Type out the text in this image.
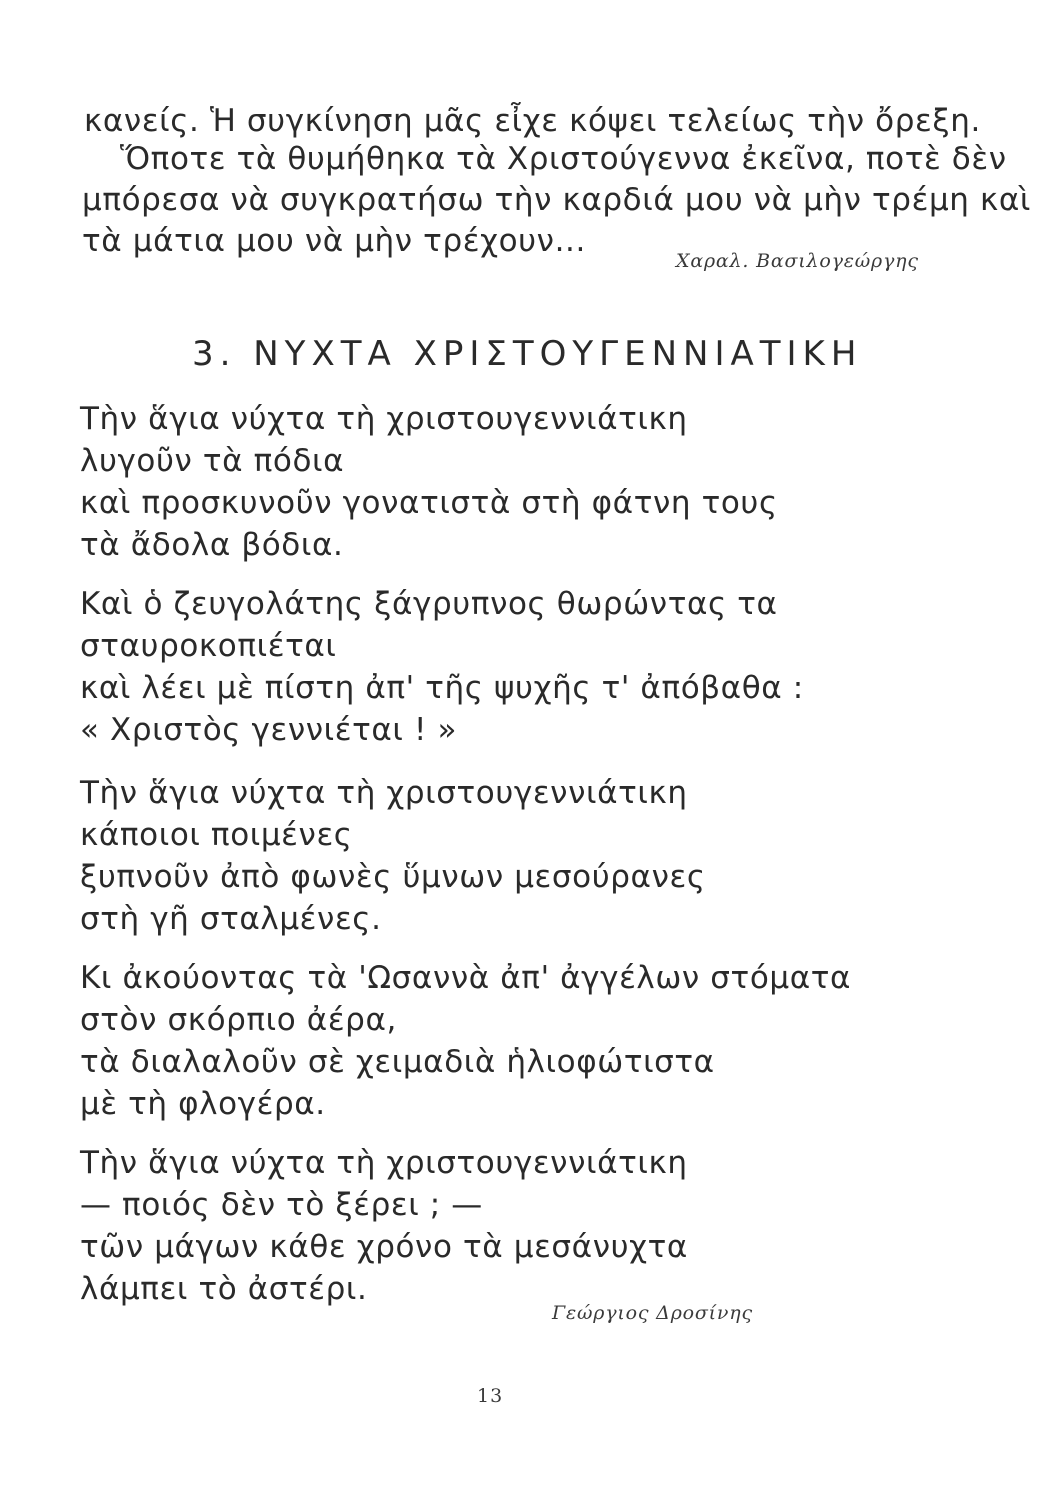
κανείς. Ἡ συγκίνηση μᾶς εἶχε κόψει τελείως τὴν ὄρεξη.
Ὅποτε τὰ θυμήθηκα τὰ Χριστούγεννα ἐκεῖνα, ποτὲ δὲν
μπόρεσα νὰ συγκρατήσω τὴν καρδιά μου νὰ μὴν τρέμη καὶ
τὰ μάτια μου νὰ μὴν τρέχουν...
Χαραλ. Βασιλογεώργης
3. ΝΥΧΤΑ ΧΡΙΣΤΟΥΓΕΝΝΙΑΤΙΚΗ
Τὴν ἅγια νύχτα τὴ χριστουγεννιάτικη
λυγοῦν τὰ πόδια
καὶ προσκυνοῦν γονατιστὰ στὴ φάτνη τους
τὰ ἄδολα βόδια.
Καὶ ὁ ζευγολάτης ξάγρυπνος θωρώντας τα
σταυροκοπιέται
καὶ λέει μὲ πίστη ἀπ' τῆς ψυχῆς τ' ἀπόβαθα :
« Χριστὸς γεννιέται ! »
Τὴν ἅγια νύχτα τὴ χριστουγεννιάτικη
κάποιοι ποιμένες
ξυπνοῦν ἀπὸ φωνὲς ὕμνων μεσούρανες
στὴ γῆ σταλμένες.
Κι ἀκούοντας τὰ 'Ωσαννὰ ἀπ' ἀγγέλων στόματα
στὸν σκόρπιο ἀέρα,
τὰ διαλαλοῦν σὲ χειμαδιὰ ἡλιοφώτιστα
μὲ τὴ φλογέρα.
Τὴν ἅγια νύχτα τὴ χριστουγεννιάτικη
— ποιός δὲν τὸ ξέρει ; —
τῶν μάγων κάθε χρόνο τὰ μεσάνυχτα
λάμπει τὸ ἀστέρι.
Γεώργιος Δροσίνης
13
